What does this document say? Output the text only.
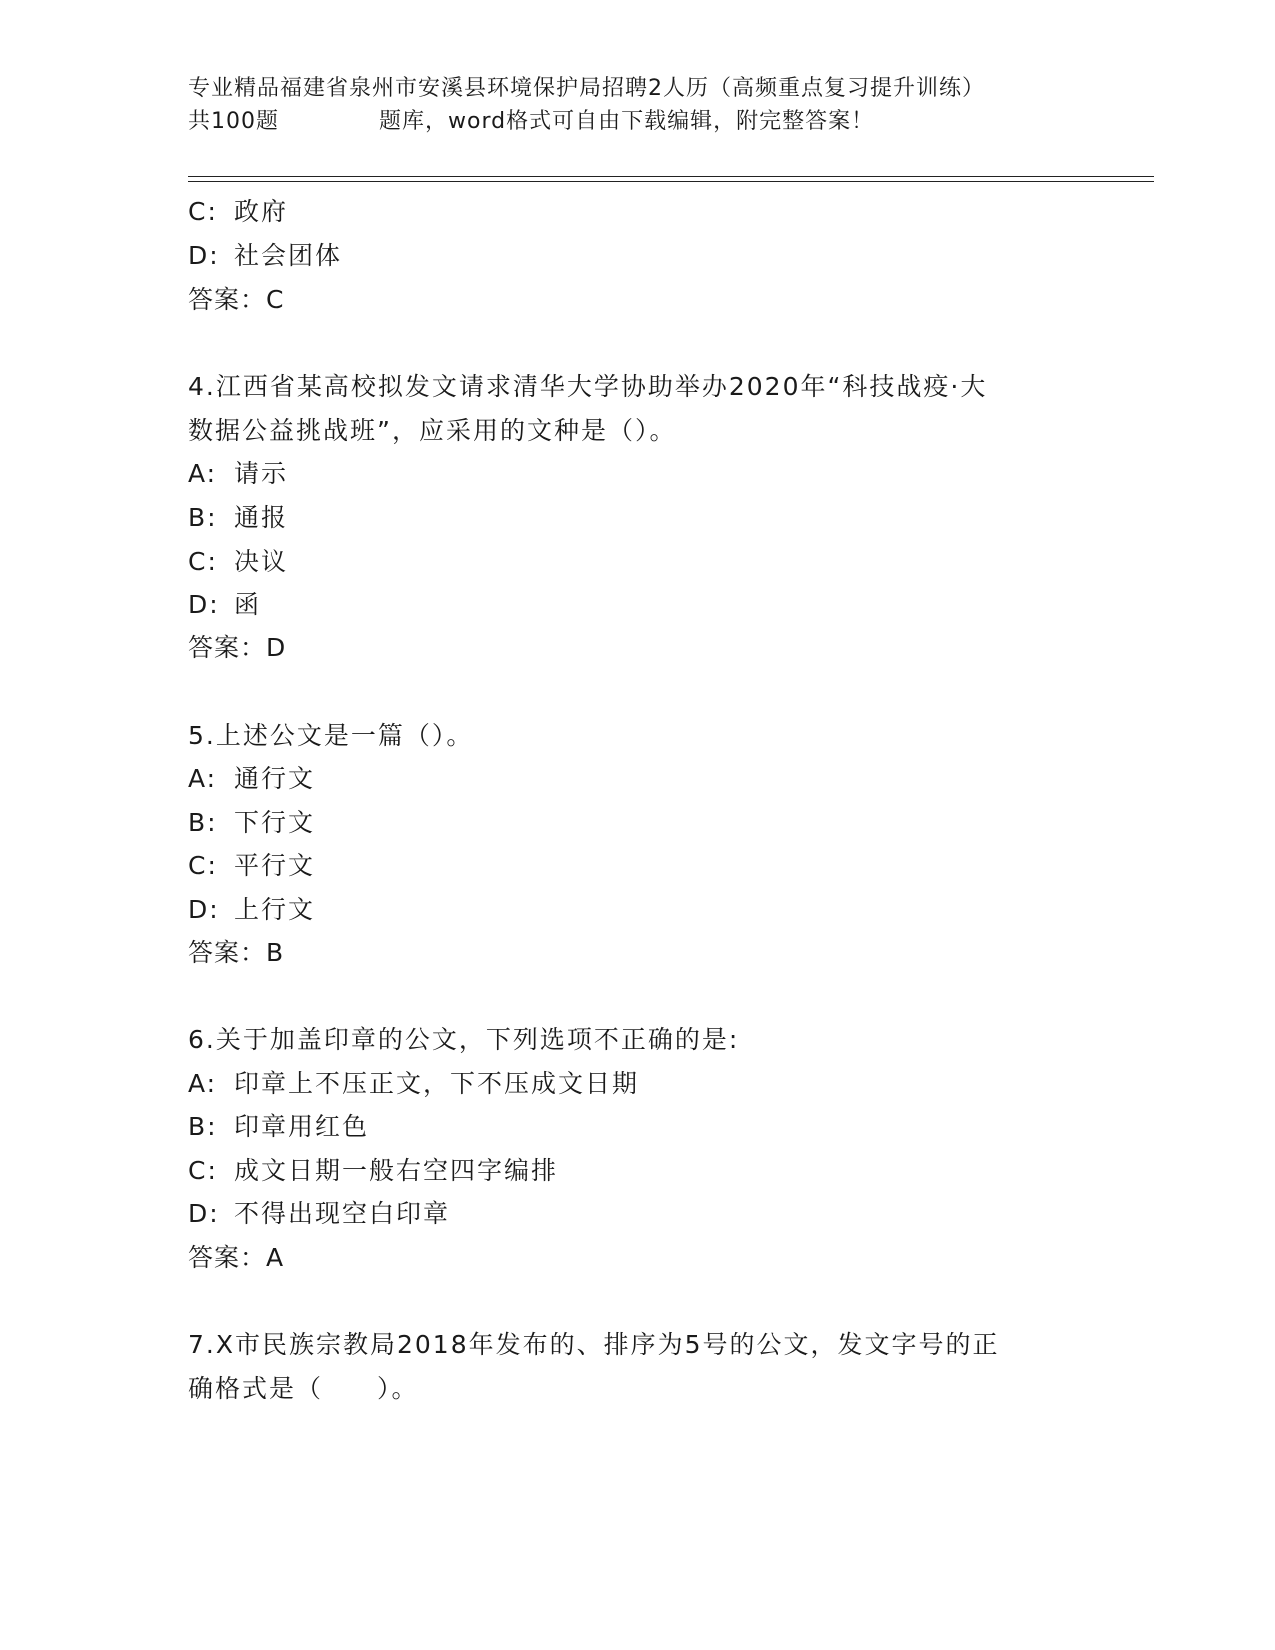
专业精品福建省泉州市安溪县环境保护局招聘2人历（高频重点复习提升训练）
共100题	题库，word格式可自由下载编辑，附完整答案！
C: 政府
D: 社会团体
答案：C
4.江西省某高校拟发文请求清华大学协助举办2020年“科技战疫·大
数据公益挑战班”，应采用的文种是（）。
A: 请示
B: 通报
C: 决议
D: 函
答案：D
5.上述公文是一篇（）。
A: 通行文
B: 下行文
C: 平行文
D: 上行文
答案：B
6.关于加盖印章的公文，下列选项不正确的是:
A: 印章上不压正文，下不压成文日期
B: 印章用红色
C: 成文日期一般右空四字编排
D: 不得出现空白印章
答案：A
7.X市民族宗教局2018年发布的、排序为5号的公文，发文字号的正
确格式是（　　）。
